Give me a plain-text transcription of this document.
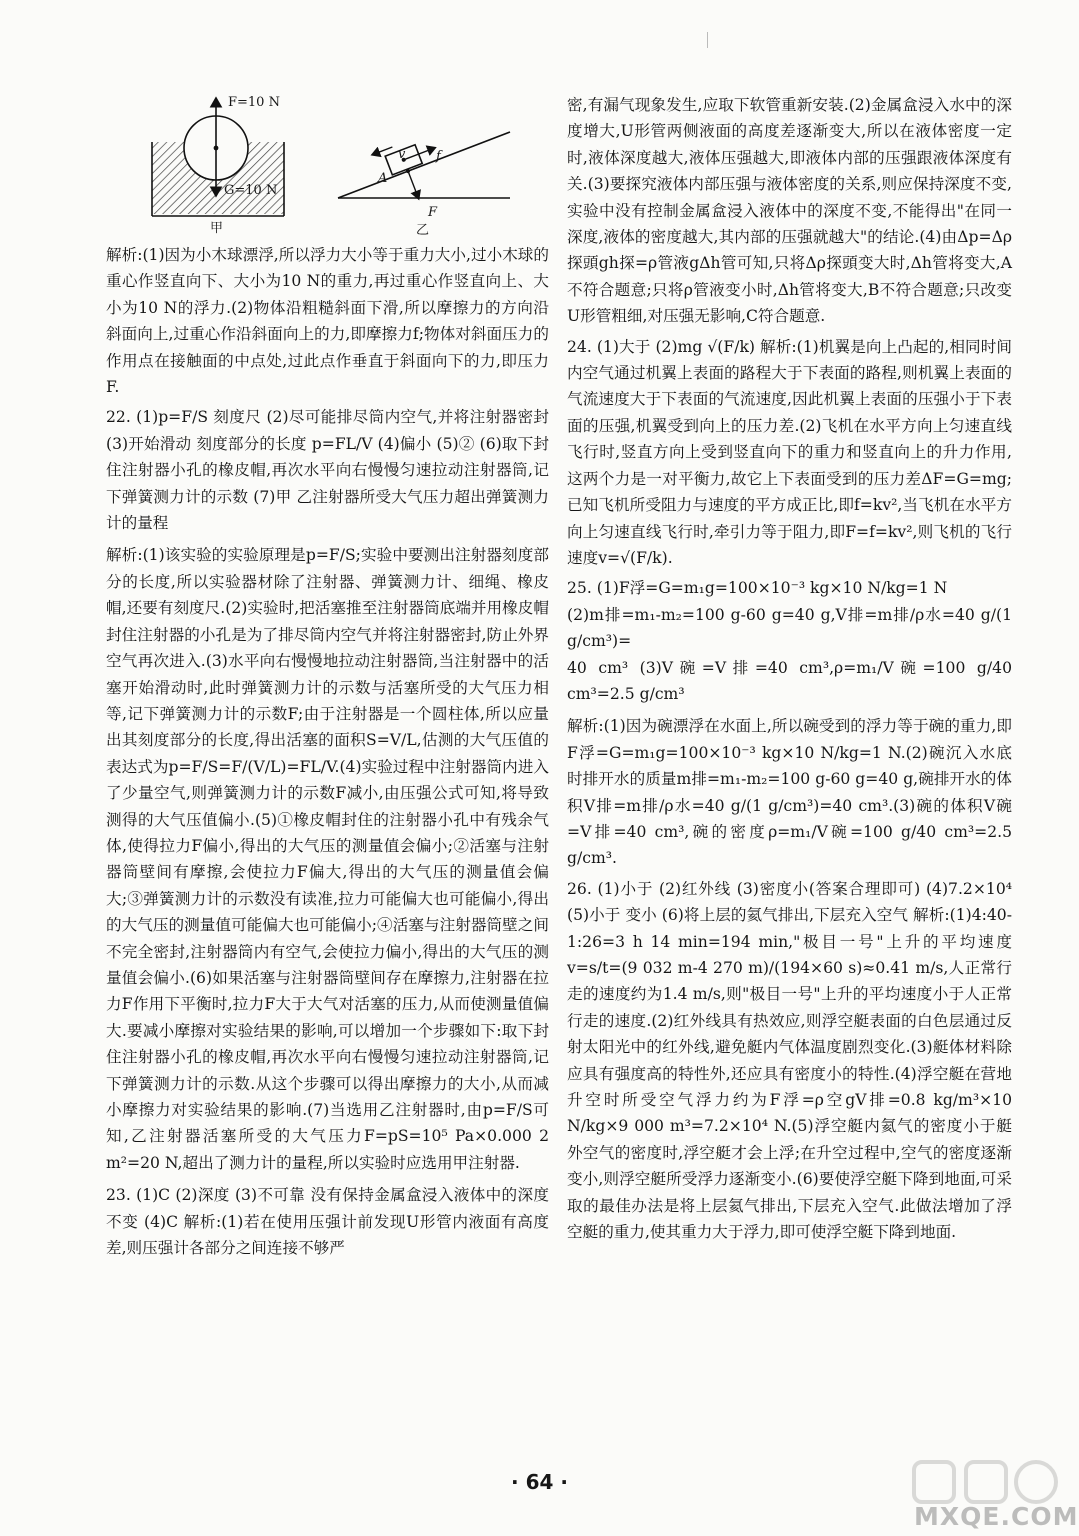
F=10 N
G=10 N
甲	乙
v f
A
F

解析:(1)因为小木球漂浮,所以浮力大小等于重力大小,过小木球的重心作竖直向下、大小为10 N的重力,再过重心作竖直向上、大小为10 N的浮力.(2)物体沿粗糙斜面下滑,所以摩擦力的方向沿斜面向上,过重心作沿斜面向上的力,即摩擦力f;物体对斜面压力的作用点在接触面的中点处,过此点作垂直于斜面向下的力,即压力F.

22. (1)p=F/S 刻度尺 (2)尽可能排尽筒内空气,并将注射器密封 (3)开始滑动 刻度部分的长度 p=FL/V (4)偏小 (5)② (6)取下封住注射器小孔的橡皮帽,再次水平向右慢慢匀速拉动注射器筒,记下弹簧测力计的示数 (7)甲 乙注射器所受大气压力超出弹簧测力计的量程

解析:(1)该实验的实验原理是p=F/S;实验中要测出注射器刻度部分的长度,所以实验器材除了注射器、弹簧测力计、细绳、橡皮帽,还要有刻度尺.(2)实验时,把活塞推至注射器筒底端并用橡皮帽封住注射器的小孔是为了排尽筒内空气并将注射器密封,防止外界空气再次进入.(3)水平向右慢慢地拉动注射器筒,当注射器中的活塞开始滑动时,此时弹簧测力计的示数与活塞所受的大气压力相等,记下弹簧测力计的示数F;由于注射器是一个圆柱体,所以应量出其刻度部分的长度,得出活塞的面积S=V/L,估测的大气压值的表达式为p=F/S=F/(V/L)=FL/V.(4)实验过程中注射器筒内进入了少量空气,则弹簧测力计的示数F减小,由压强公式可知,将导致测得的大气压值偏小.(5)①橡皮帽封住的注射器小孔中有残余气体,使得拉力F偏小,得出的大气压的测量值会偏小;②活塞与注射器筒壁间有摩擦,会使拉力F偏大,得出的大气压的测量值会偏大;③弹簧测力计的示数没有读准,拉力可能偏大也可能偏小,得出的大气压的测量值可能偏大也可能偏小;④活塞与注射器筒壁之间不完全密封,注射器筒内有空气,会使拉力偏小,得出的大气压的测量值会偏小.(6)如果活塞与注射器筒壁间存在摩擦力,注射器在拉力F作用下平衡时,拉力F大于大气对活塞的压力,从而使测量值偏大.要减小摩擦对实验结果的影响,可以增加一个步骤如下:取下封住注射器小孔的橡皮帽,再次水平向右慢慢匀速拉动注射器筒,记下弹簧测力计的示数.从这个步骤可以得出摩擦力的大小,从而减小摩擦力对实验结果的影响.(7)当选用乙注射器时,由p=F/S可知,乙注射器活塞所受的大气压力F=pS=10⁵ Pa×0.000 2 m²=20 N,超出了测力计的量程,所以实验时应选用甲注射器.

23. (1)C (2)深度 (3)不可靠 没有保持金属盒浸入液体中的深度不变 (4)C 解析:(1)若在使用压强计前发现U形管内液面有高度差,则压强计各部分之间连接不够严

密,有漏气现象发生,应取下软管重新安装.(2)金属盒浸入水中的深度增大,U形管两侧液面的高度差逐渐变大,所以在液体密度一定时,液体深度越大,液体压强越大,即液体内部的压强跟液体深度有关.(3)要探究液体内部压强与液体密度的关系,则应保持深度不变,实验中没有控制金属盒浸入液体中的深度不变,不能得出"在同一深度,液体的密度越大,其内部的压强就越大"的结论.(4)由Δp=Δρ探頭gh探=ρ管液gΔh管可知,只将Δρ探頭变大时,Δh管将变大,A不符合题意;只将ρ管液变小时,Δh管将变大,B不符合题意;只改变U形管粗细,对压强无影响,C符合题意.

24. (1)大于 (2)mg √(F/k) 解析:(1)机翼是向上凸起的,相同时间内空气通过机翼上表面的路程大于下表面的路程,则机翼上表面的气流速度大于下表面的气流速度,因此机翼上表面的压强小于下表面的压强,机翼受到向上的压力差.(2)飞机在水平方向上匀速直线飞行时,竖直方向上受到竖直向下的重力和竖直向上的升力作用,这两个力是一对平衡力,故它上下表面受到的压力差ΔF=G=mg;已知飞机所受阻力与速度的平方成正比,即f=kv²,当飞机在水平方向上匀速直线飞行时,牵引力等于阻力,即F=f=kv²,则飞机的飞行速度v=√(F/k).

25. (1)F浮=G=m₁g=100×10⁻³ kg×10 N/kg=1 N

(2)m排=m₁-m₂=100 g-60 g=40 g,V排=m排/ρ水=40 g/(1 g/cm³)=

40 cm³ (3)V碗=V排=40 cm³,ρ=m₁/V碗=100 g/40 cm³=2.5 g/cm³

解析:(1)因为碗漂浮在水面上,所以碗受到的浮力等于碗的重力,即F浮=G=m₁g=100×10⁻³ kg×10 N/kg=1 N.(2)碗沉入水底时排开水的质量m排=m₁-m₂=100 g-60 g=40 g,碗排开水的体积V排=m排/ρ水=40 g/(1 g/cm³)=40 cm³.(3)碗的体积V碗=V排=40 cm³,碗的密度ρ=m₁/V碗=100 g/40 cm³=2.5 g/cm³.

26. (1)小于 (2)红外线 (3)密度小(答案合理即可) (4)7.2×10⁴ (5)小于 变小 (6)将上层的氦气排出,下层充入空气 解析:(1)4:40-1:26=3 h 14 min=194 min,"极目一号"上升的平均速度v=s/t=(9 032 m-4 270 m)/(194×60 s)≈0.41 m/s,人正常行走的速度约为1.4 m/s,则"极目一号"上升的平均速度小于人正常行走的速度.(2)红外线具有热效应,则浮空艇表面的白色层通过反射太阳光中的红外线,避免艇内气体温度剧烈变化.(3)艇体材料除应具有强度高的特性外,还应具有密度小的特性.(4)浮空艇在营地升空时所受空气浮力约为F浮=ρ空gV排=0.8 kg/m³×10 N/kg×9 000 m³=7.2×10⁴ N.(5)浮空艇内氦气的密度小于艇外空气的密度时,浮空艇才会上浮;在升空过程中,空气的密度逐渐变小,则浮空艇所受浮力逐渐变小.(6)要使浮空艇下降到地面,可采取的最佳办法是将上层氦气排出,下层充入空气.此做法增加了浮空艇的重力,使其重力大于浮力,即可使浮空艇下降到地面.

· 64 ·
MXQE.COM
